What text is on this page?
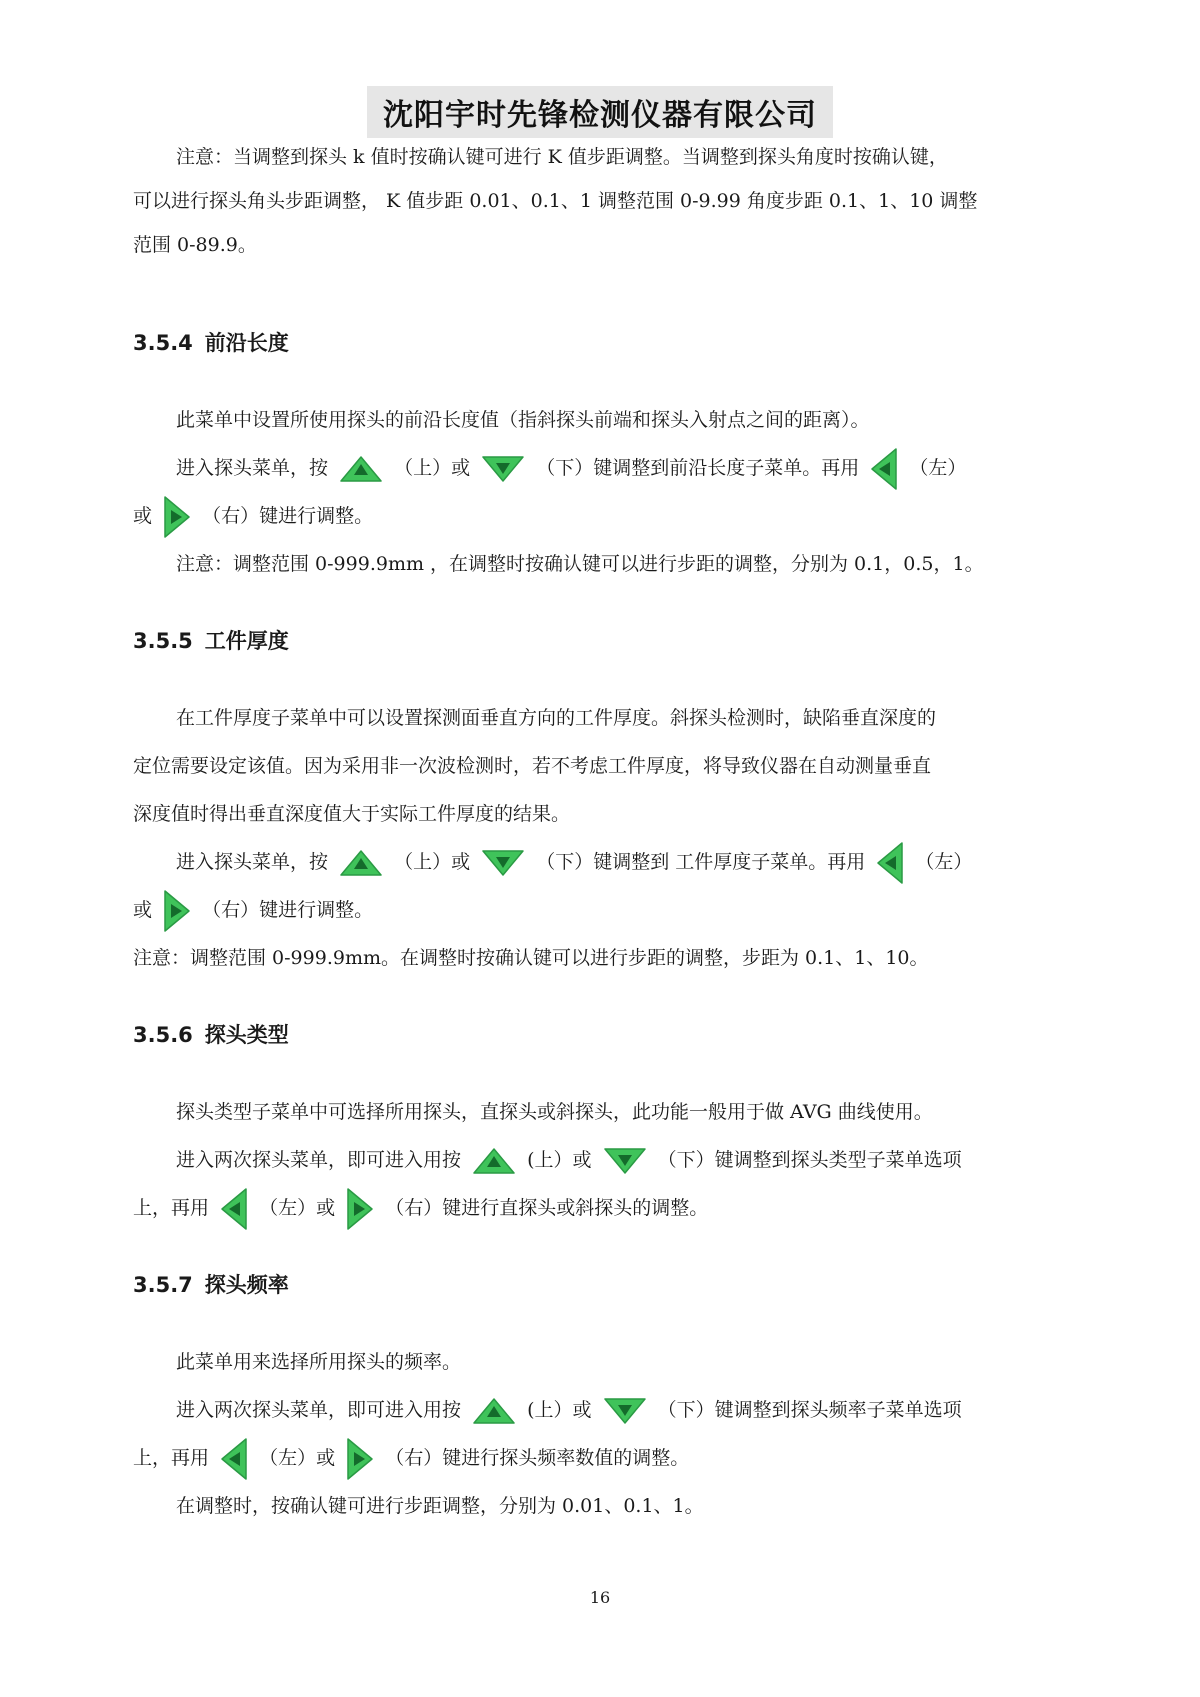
沈阳宇时先锋检测仪器有限公司
注意：当调整到探头 k 值时按确认键可进行 K 值步距调整。当调整到探头角度时按确认键，
可以进行探头角头步距调整， K 值步距 0.01、0.1、1 调整范围 0-9.99 角度步距 0.1、1、10 调整
范围 0-89.9。
3.5.4 前沿长度
此菜单中设置所使用探头的前沿长度值（指斜探头前端和探头入射点之间的距离）。
进入探头菜单，按	（上）或	（下）键调整到前沿长度子菜单。再用	（左）
或	（右）键进行调整。
注意：调整范围 0-999.9mm ，在调整时按确认键可以进行步距的调整，分别为 0.1，0.5，1。
3.5.5 工件厚度
在工件厚度子菜单中可以设置探测面垂直方向的工件厚度。斜探头检测时，缺陷垂直深度的
定位需要设定该值。因为采用非一次波检测时，若不考虑工件厚度，将导致仪器在自动测量垂直
深度值时得出垂直深度值大于实际工件厚度的结果。
进入探头菜单，按	（上）或	（下）键调整到 工件厚度子菜单。再用	（左）
或	（右）键进行调整。
注意：调整范围 0-999.9mm。在调整时按确认键可以进行步距的调整，步距为 0.1、1、10。
3.5.6 探头类型
探头类型子菜单中可选择所用探头，直探头或斜探头，此功能一般用于做 AVG 曲线使用。
进入两次探头菜单，即可进入用按	(上）或	（下）键调整到探头类型子菜单选项
上，再用	（左）或	（右）键进行直探头或斜探头的调整。
3.5.7 探头频率
此菜单用来选择所用探头的频率。
进入两次探头菜单，即可进入用按	(上）或	（下）键调整到探头频率子菜单选项
上，再用	（左）或	（右）键进行探头频率数值的调整。
在调整时，按确认键可进行步距调整，分别为 0.01、0.1、1。
16
